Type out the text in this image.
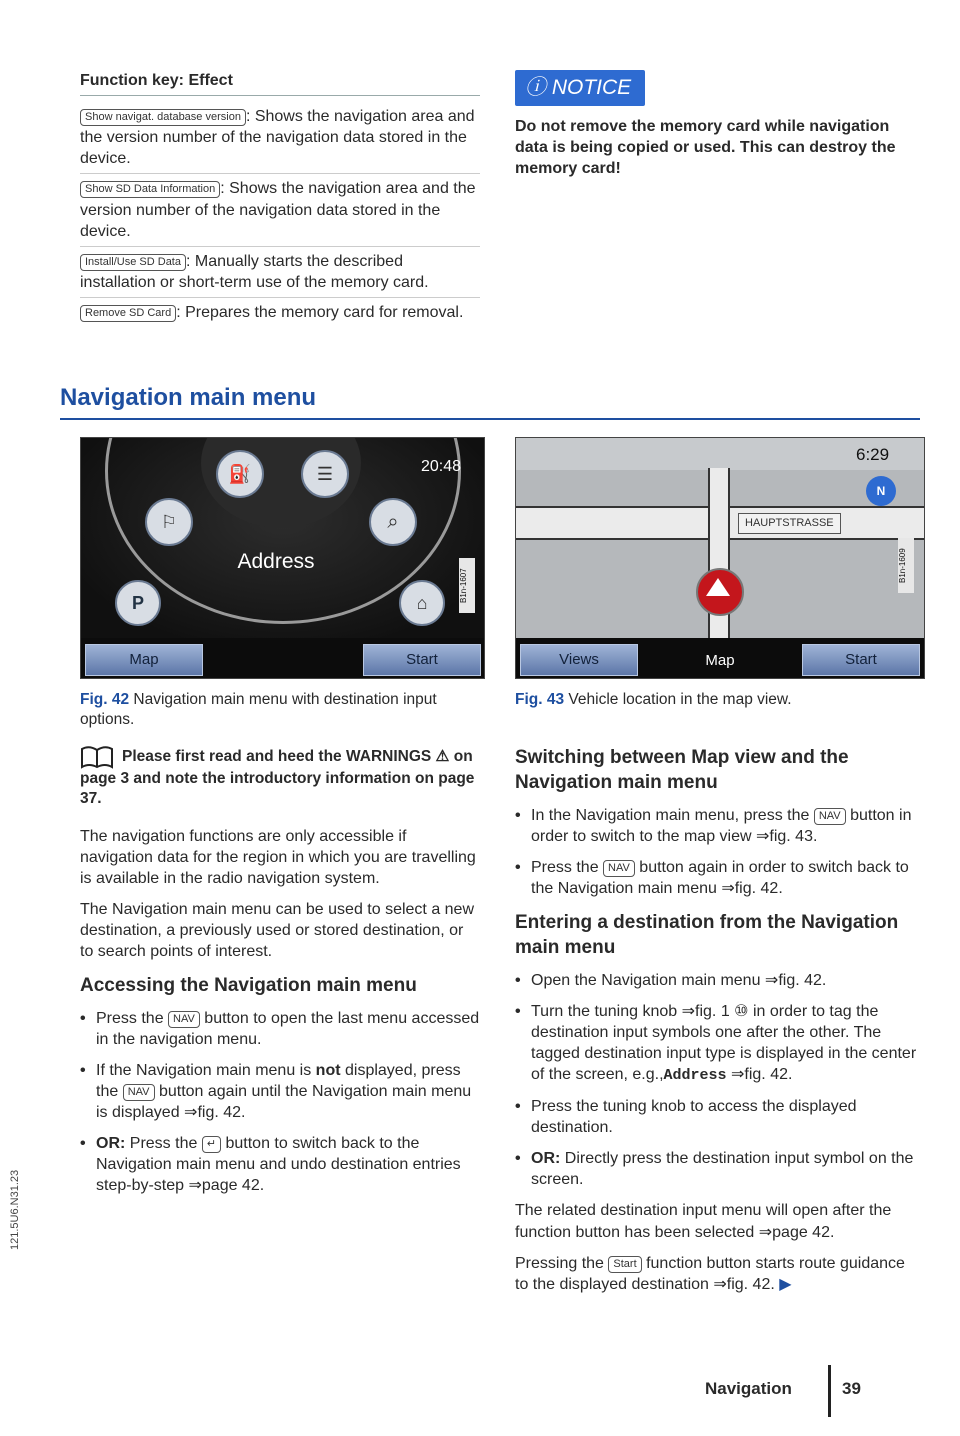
Function key: Effect
Show navigat. database version : Shows the navigation area and the version number of the navigation data stored in the device.
Show SD Data Information : Shows the navigation area and the version number of the navigation data stored in the device.
Install/Use SD Data : Manually starts the described installation or short-term use of the memory card.
Remove SD Card : Prepares the memory card for removal.
ⓘ NOTICE
Do not remove the memory card while navigation data is being copied or used. This can destroy the memory card!
Navigation main menu
20:48
⛽	☰
⚐	⌕
Address
P	⌂
B1n-1607
Map	Start
Fig. 42 Navigation main menu with destination input options.
6:29
HAUPTSTRASSE
N
B1n-1609
Views	Map	Start
Fig. 43 Vehicle location in the map view.
Please first read and heed the WARNINGS ⚠ on page 3 and note the introductory information on page 37.

The navigation functions are only accessible if navigation data for the region in which you are travelling is available in the radio navigation system.

The Navigation main menu can be used to select a new destination, a previously used or stored destination, or to search points of interest.

Accessing the Navigation main menu
• Press the NAV button to open the last menu accessed in the navigation menu.
• If the Navigation main menu is not displayed, press the NAV button again until the Navigation main menu is displayed ⇒fig. 42.
• OR: Press the ↵ button to switch back to the Navigation main menu and undo destination entries step-by-step ⇒page 42.
Switching between Map view and the Navigation main menu
• In the Navigation main menu, press the NAV button in order to switch to the map view ⇒fig. 43.
• Press the NAV button again in order to switch back to the Navigation main menu ⇒fig. 42.
Entering a destination from the Navigation main menu
• Open the Navigation main menu ⇒fig. 42.
• Turn the tuning knob ⇒fig. 1 ⑩ in order to tag the destination input symbols one after the other. The tagged destination input type is displayed in the center of the screen, e.g.,Address ⇒fig. 42.
• Press the tuning knob to access the displayed destination.
• OR: Directly press the destination input symbol on the screen.

The related destination input menu will open after the function button has been selected ⇒page 42.

Pressing the Start function button starts route guidance to the displayed destination ⇒fig. 42. ▶

121.5U6.N31.23
Navigation	39
